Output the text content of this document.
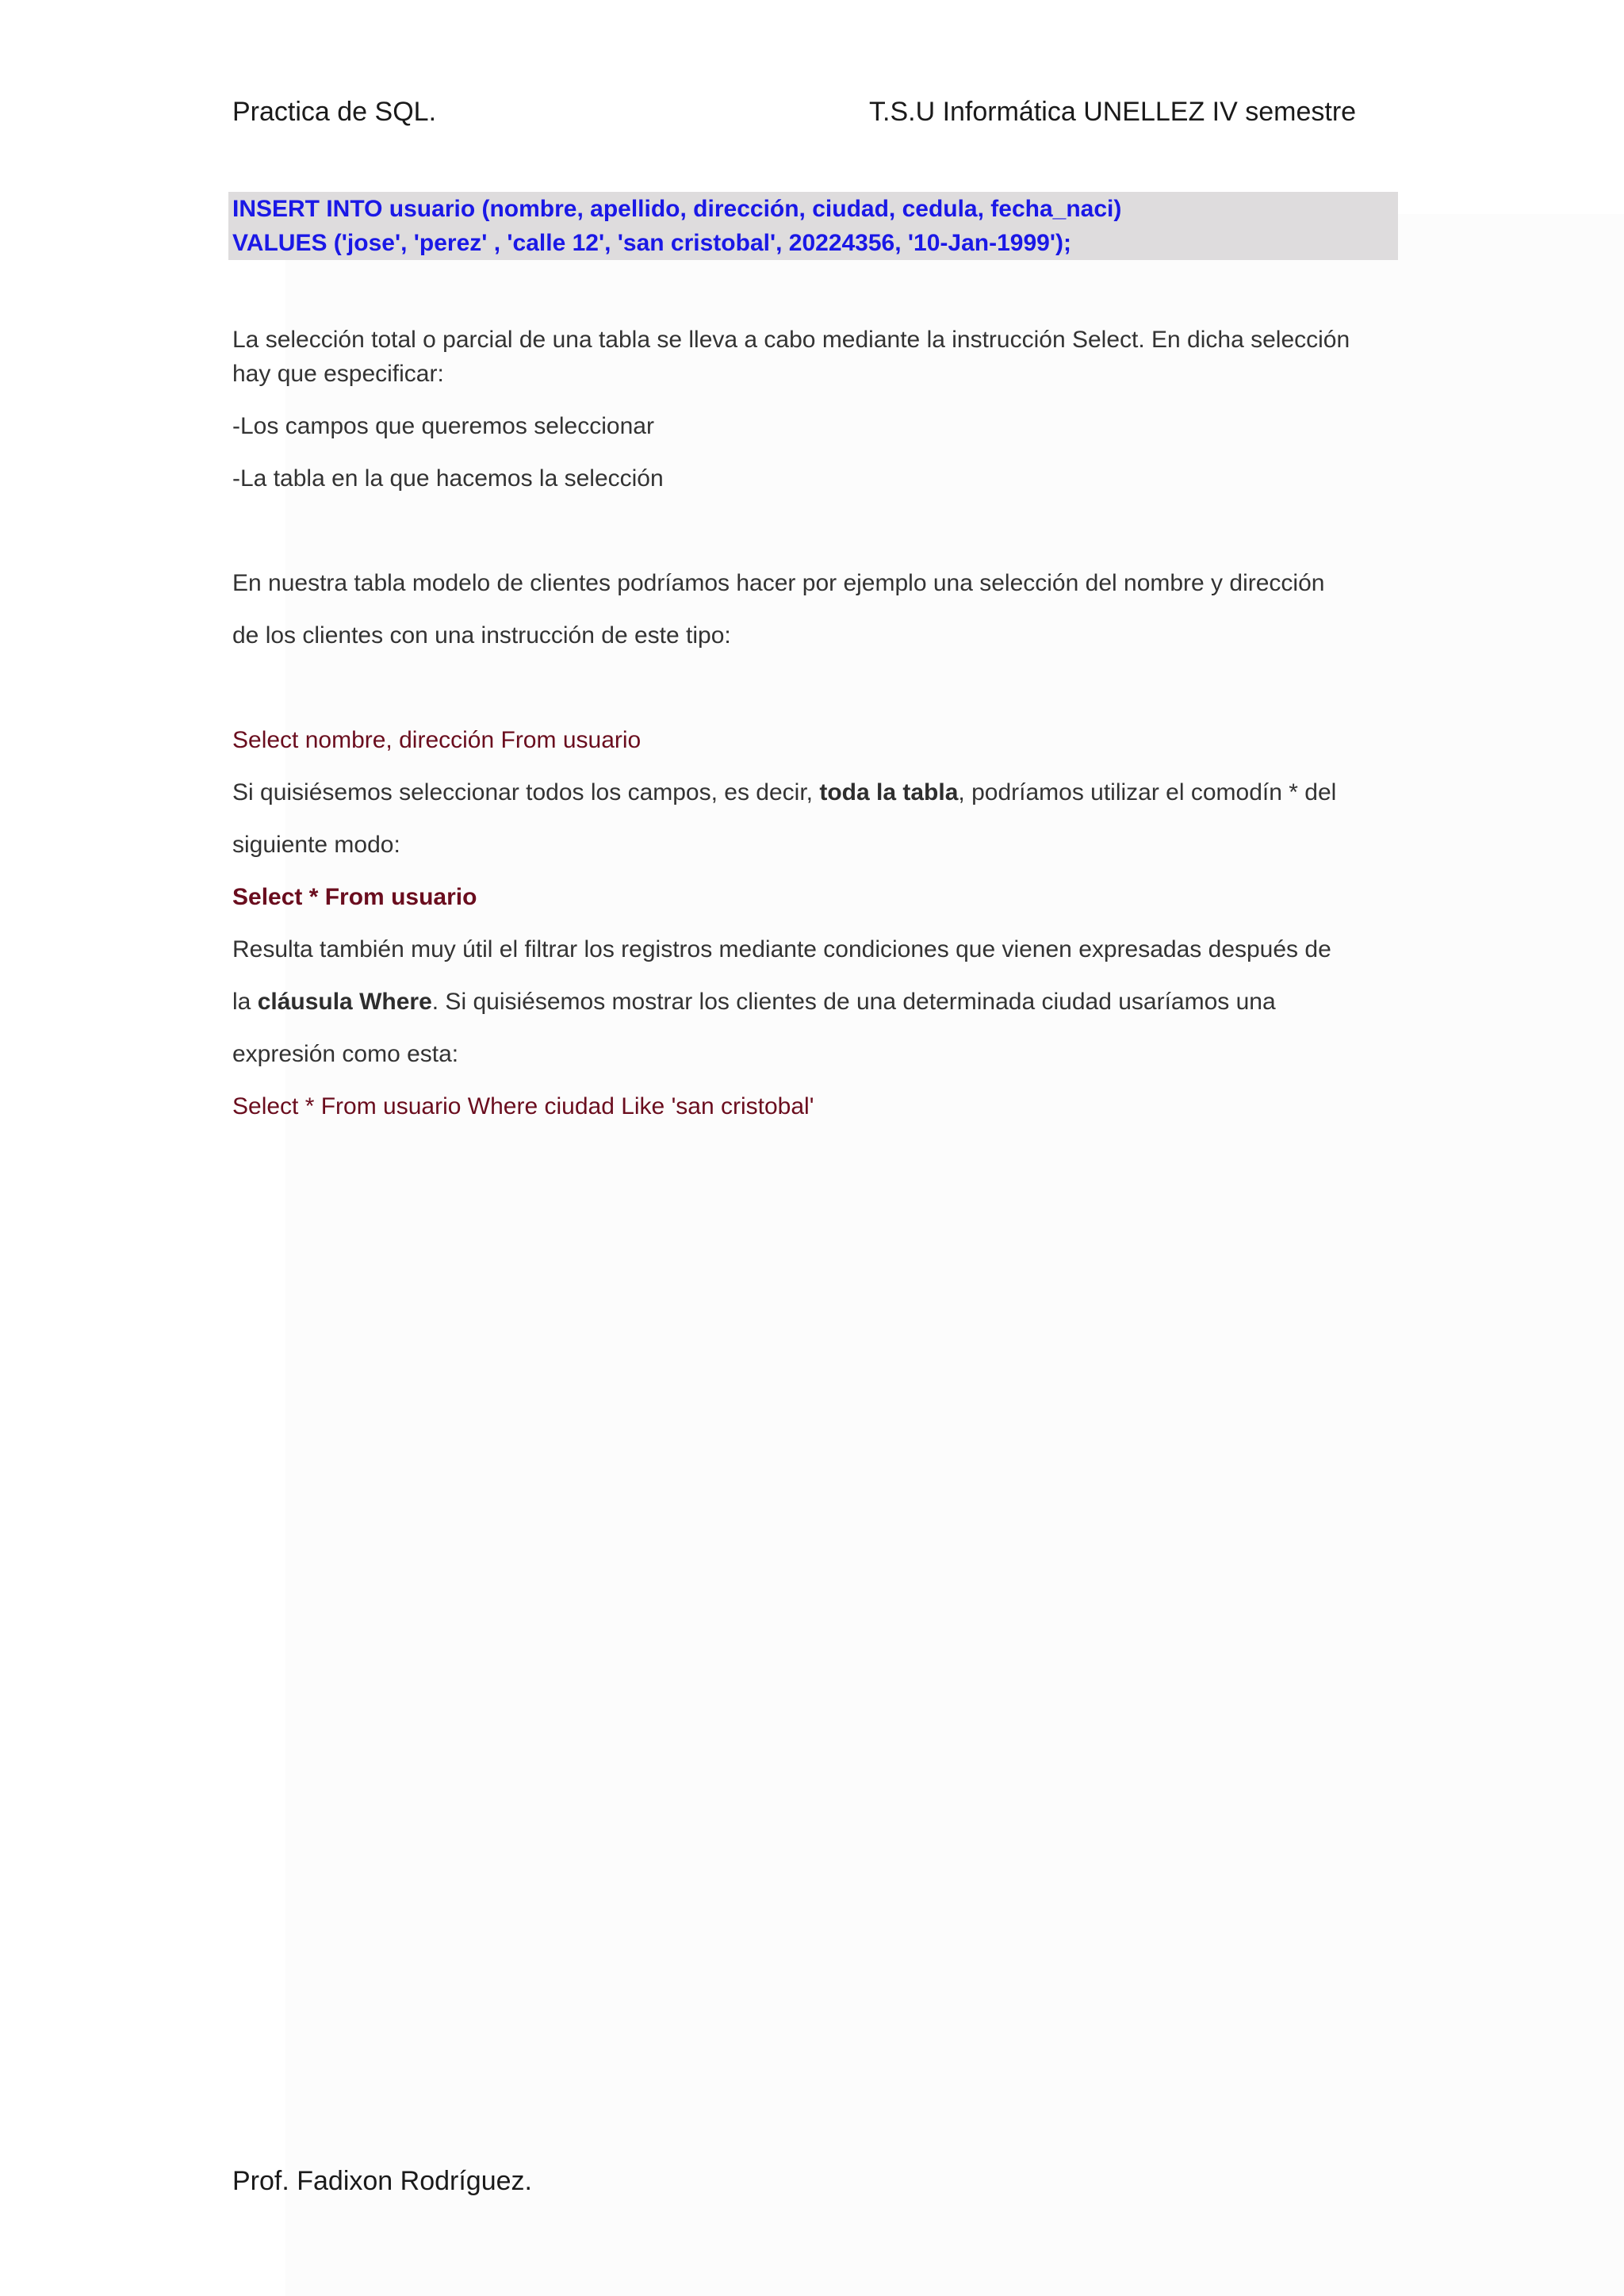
Practica de SQL.	T.S.U Informática UNELLEZ IV semestre
INSERT INTO usuario (nombre, apellido, dirección, ciudad, cedula, fecha_naci)
VALUES ('jose', 'perez' , 'calle 12', 'san cristobal', 20224356, '10-Jan-1999');
La selección total o parcial de una tabla se lleva a cabo mediante la instrucción Select. En dicha selección
hay que especificar:
-Los campos que queremos seleccionar
-La tabla en la que hacemos la selección
En nuestra tabla modelo de clientes podríamos hacer por ejemplo una selección del nombre y dirección
de los clientes con una instrucción de este tipo:
Select nombre, dirección From usuario
Si quisiésemos seleccionar todos los campos, es decir, toda la tabla, podríamos utilizar el comodín * del
siguiente modo:
Select * From usuario
Resulta también muy útil el filtrar los registros mediante condiciones que vienen expresadas después de
la cláusula Where. Si quisiésemos mostrar los clientes de una determinada ciudad usaríamos una
expresión como esta:
Select * From usuario Where ciudad Like 'san cristobal'
Prof. Fadixon Rodríguez.
